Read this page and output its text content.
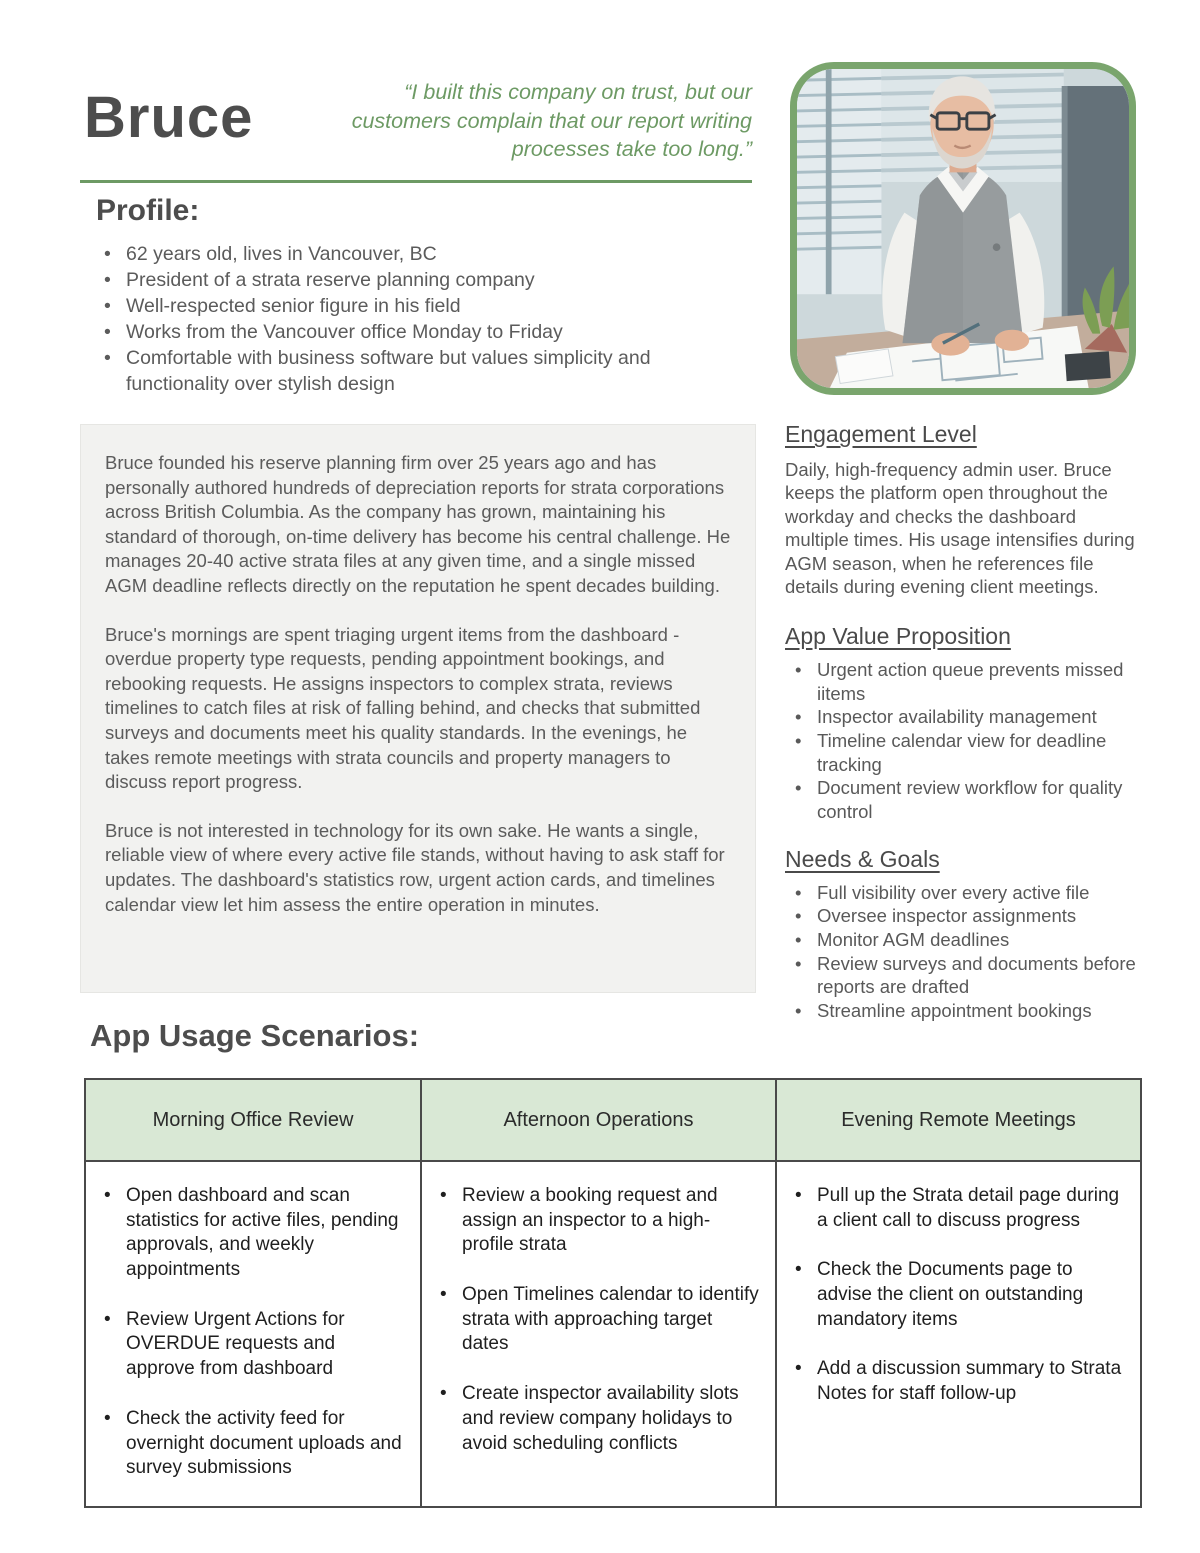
Bruce	“I built this company on trust, but our customers complain that our report writing processes take too long.”
Profile:
• 62 years old, lives in Vancouver, BC
• President of a strata reserve planning company
• Well-respected senior figure in his field
• Works from the Vancouver office Monday to Friday
• Comfortable with business software but values simplicity and functionality over stylish design

Bruce founded his reserve planning firm over 25 years ago and has personally authored hundreds of depreciation reports for strata corporations across British Columbia. As the company has grown, maintaining his standard of thorough, on-time delivery has become his central challenge. He manages 20-40 active strata files at any given time, and a single missed AGM deadline reflects directly on the reputation he spent decades building.

Bruce's mornings are spent triaging urgent items from the dashboard - overdue property type requests, pending appointment bookings, and rebooking requests. He assigns inspectors to complex strata, reviews timelines to catch files at risk of falling behind, and checks that submitted surveys and documents meet his quality standards. In the evenings, he takes remote meetings with strata councils and property managers to discuss report progress.

Bruce is not interested in technology for its own sake. He wants a single, reliable view of where every active file stands, without having to ask staff for updates. The dashboard's statistics row, urgent action cards, and timelines calendar view let him assess the entire operation in minutes.

Engagement Level
Daily, high-frequency admin user. Bruce keeps the platform open throughout the workday and checks the dashboard multiple times. His usage intensifies during AGM season, when he references file details during evening client meetings.
App Value Proposition
• Urgent action queue prevents missed iitems
• Inspector availability management
• Timeline calendar view for deadline tracking
• Document review workflow for quality control
Needs & Goals
• Full visibility over every active file
• Oversee inspector assignments
• Monitor AGM deadlines
• Review surveys and documents before reports are drafted
• Streamline appointment bookings
App Usage Scenarios:
Morning Office Review	Afternoon Operations	Evening Remote Meetings

• Open dashboard and scan statistics for active files, pending approvals, and weekly appointments
• Review Urgent Actions for OVERDUE requests and approve from dashboard
• Check the activity feed for overnight document uploads and survey submissions

• Review a booking request and assign an inspector to a high-profile strata
• Open Timelines calendar to identify strata with approaching target dates
• Create inspector availability slots and review company holidays to avoid scheduling conflicts

• Pull up the Strata detail page during a client call to discuss progress
• Check the Documents page to advise the client on outstanding mandatory items
• Add a discussion summary to Strata Notes for staff follow-up
